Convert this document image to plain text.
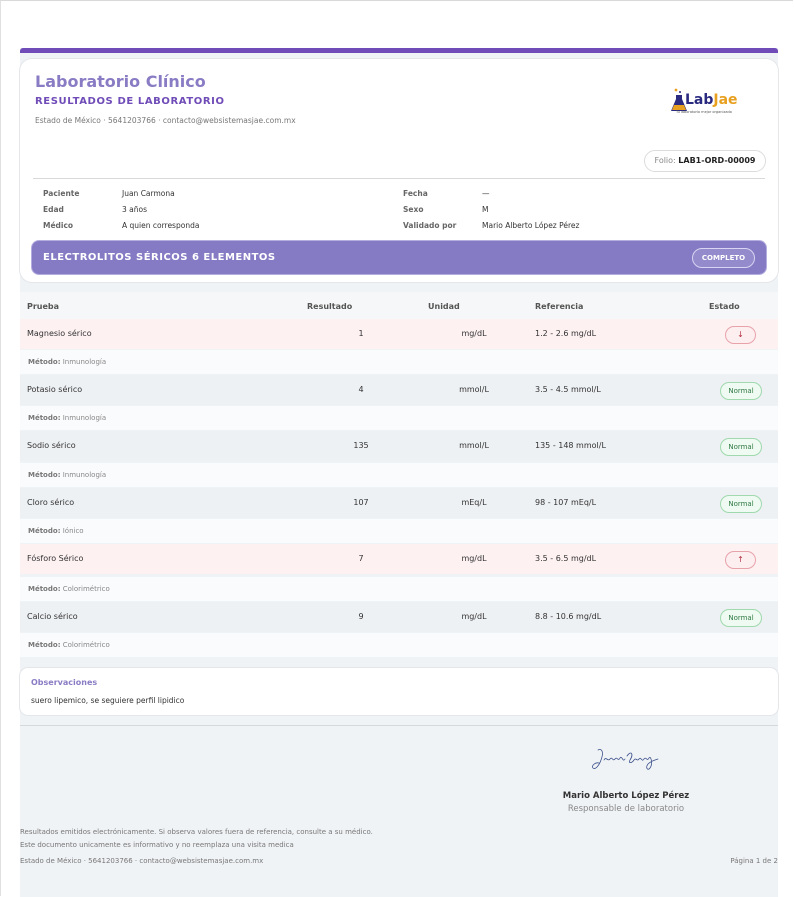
Laboratorio Clínico
RESULTADOS DE LABORATORIO
Estado de México · 5641203766 · contacto@websistemasjae.com.mx
LabJae
Tu laboratorio mejor organizado
Folio: LAB1-ORD-00009
Paciente	Juan Carmona
Edad	3 años
Médico	A quien corresponda
Fecha	—
Sexo	M
Validado por	Mario Alberto López Pérez
ELECTROLITOS SÉRICOS 6 ELEMENTOS	COMPLETO
Prueba	Resultado	Unidad	Referencia	Estado
Magnesio sérico	1	mg/dL	1.2 - 2.6 mg/dL	↓
Método: Inmunología
Potasio sérico	4	mmol/L	3.5 - 4.5 mmol/L	Normal
Método: Inmunología
Sodio sérico	135	mmol/L	135 - 148 mmol/L	Normal
Método: Inmunología
Cloro sérico	107	mEq/L	98 - 107 mEq/L	Normal
Método: Iónico
Fósforo Sérico	7	mg/dL	3.5 - 6.5 mg/dL	↑
Método: Colorimétrico
Calcio sérico	9	mg/dL	8.8 - 10.6 mg/dL	Normal
Método: Colorimétrico
Observaciones
suero lipemico, se seguiere perfil lipidico
Mario Alberto López Pérez
Responsable de laboratorio
Resultados emitidos electrónicamente. Si observa valores fuera de referencia, consulte a su médico.
Este documento unicamente es informativo y no reemplaza una visita medica
Estado de México · 5641203766 · contacto@websistemasjae.com.mx	Página 1 de 2
